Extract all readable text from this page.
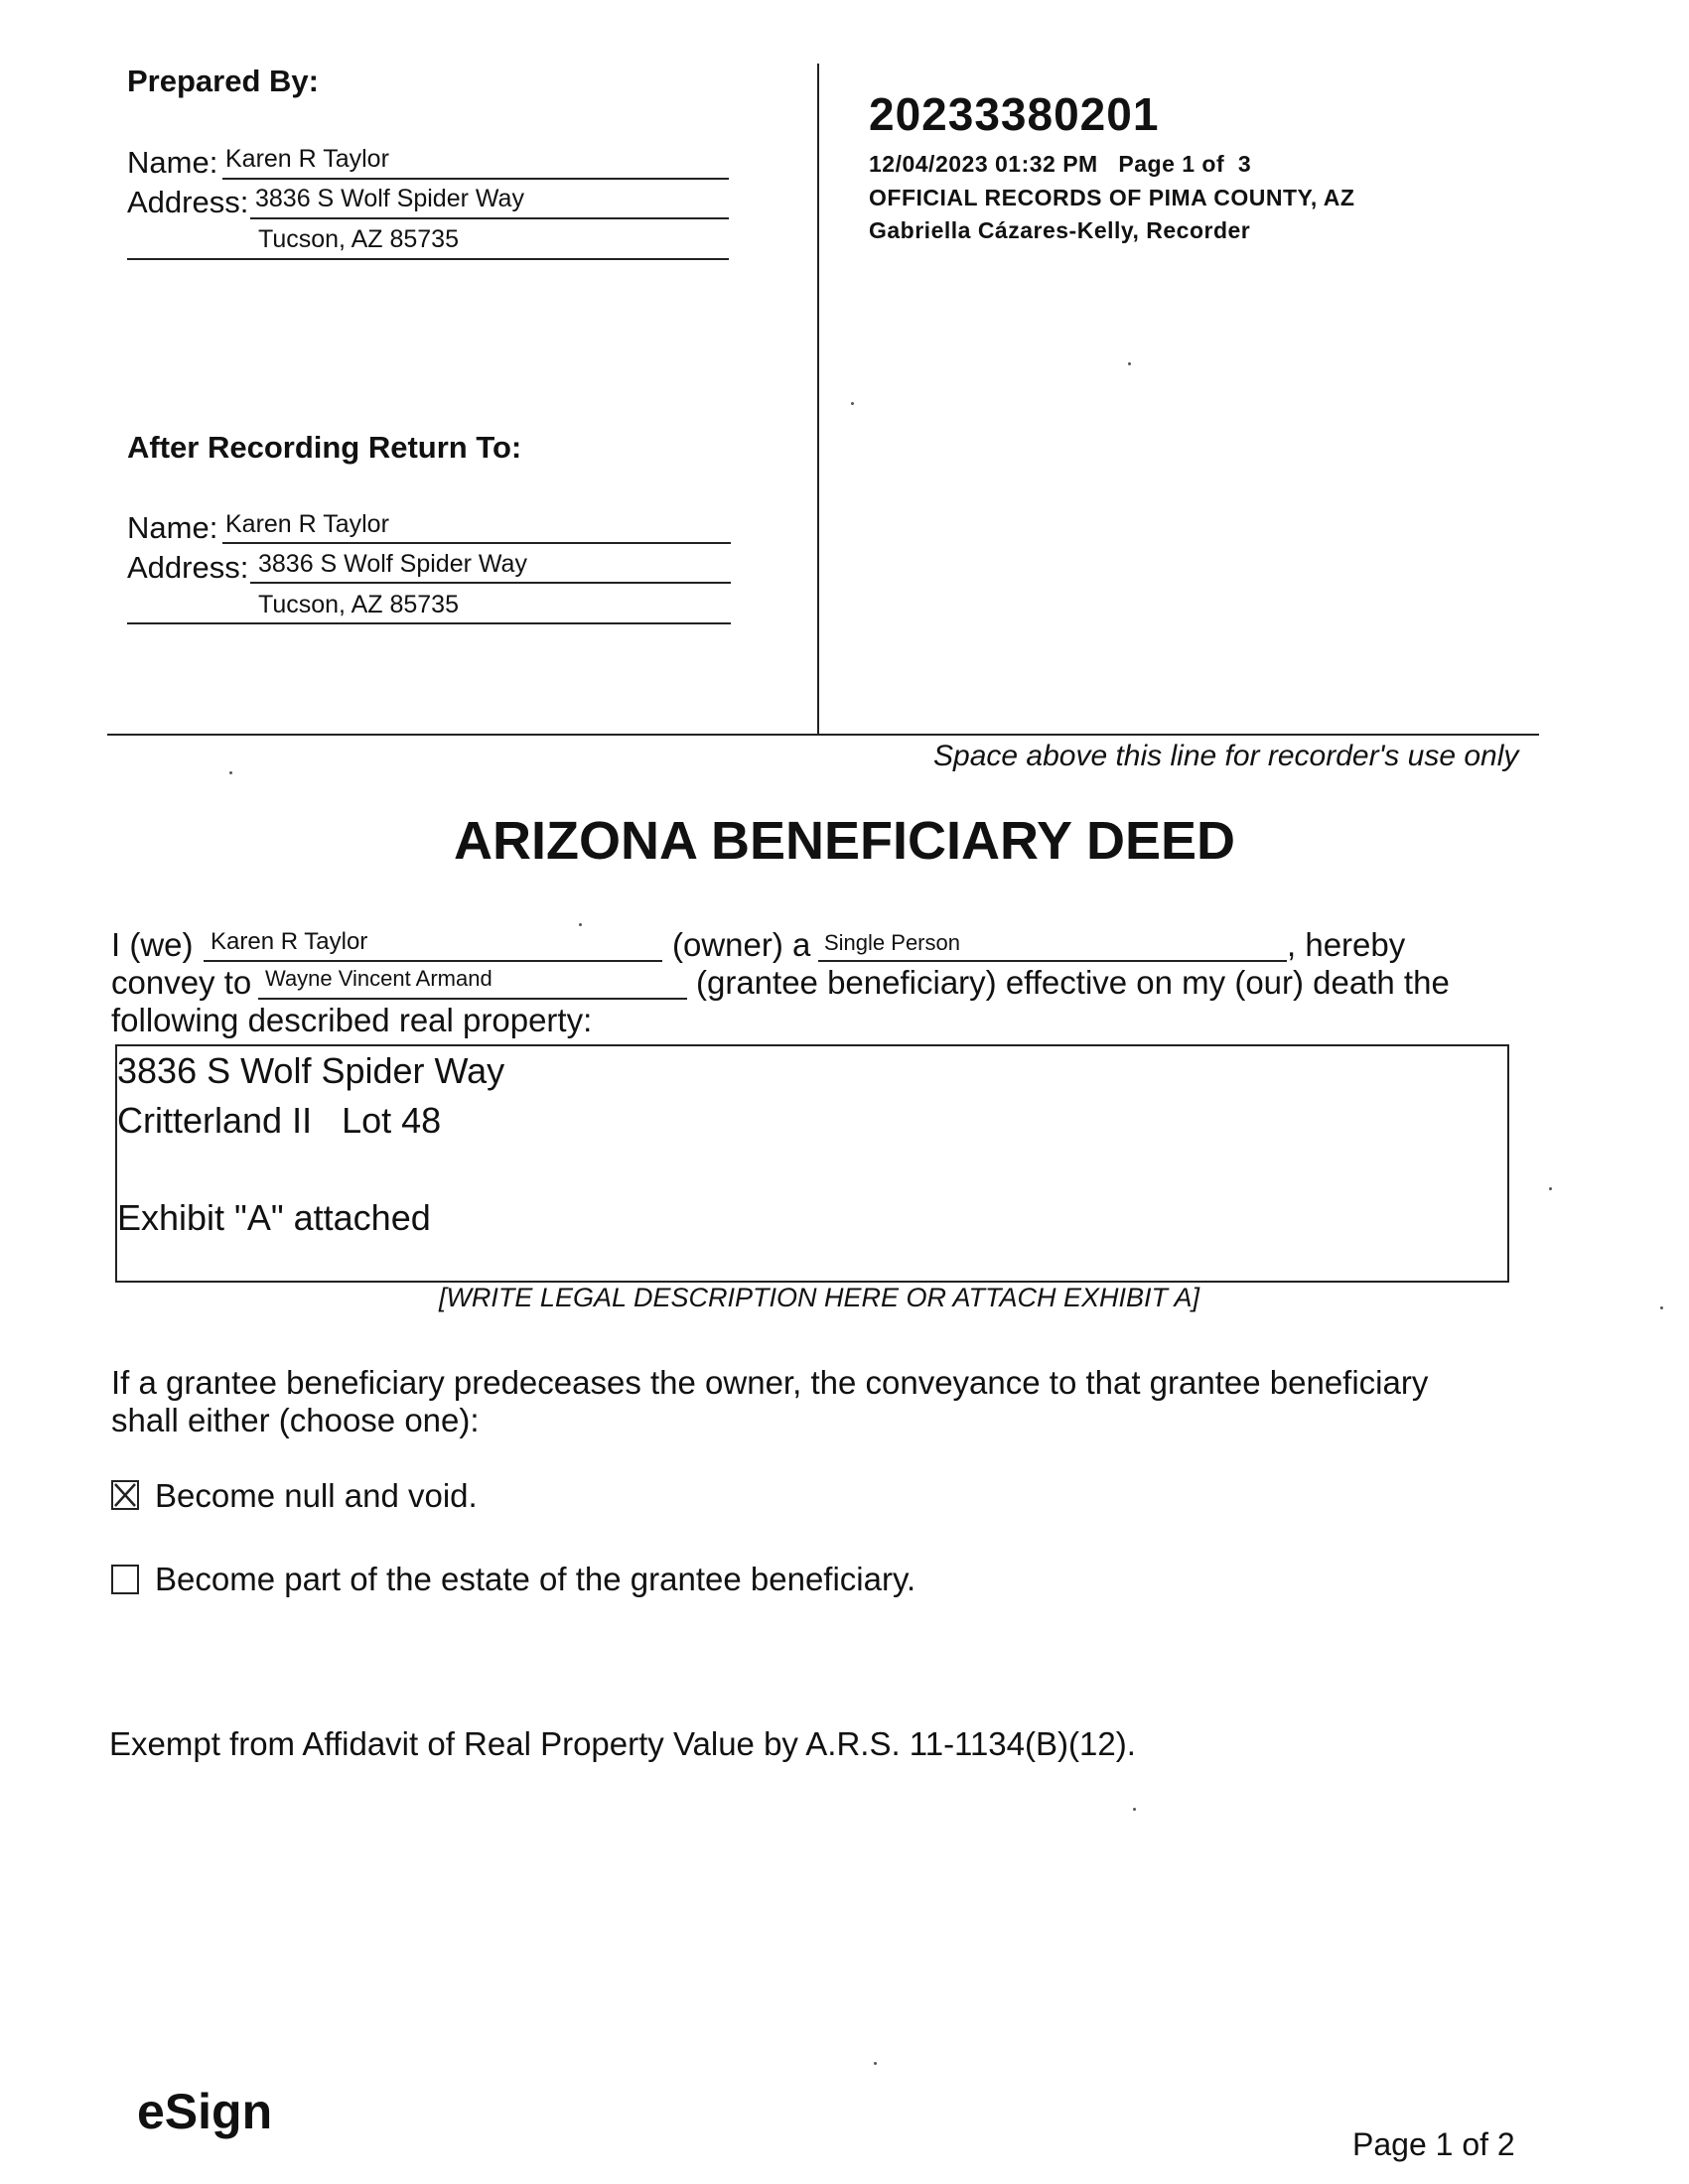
Prepared By:
Name: Karen R Taylor
Address: 3836 S Wolf Spider Way
Tucson, AZ 85735
After Recording Return To:
Name: Karen R Taylor
Address: 3836 S Wolf Spider Way
Tucson, AZ 85735
20233380201
12/04/2023 01:32 PM   Page 1 of  3
OFFICIAL RECORDS OF PIMA COUNTY, AZ
Gabriella Cázares-Kelly, Recorder
Space above this line for recorder's use only
ARIZONA BENEFICIARY DEED
I (we) Karen R Taylor	(owner) a Single Person	, hereby
convey to Wayne Vincent Armand	(grantee beneficiary) effective on my (our) death the
following described real property:
3836 S Wolf Spider Way
Critterland II   Lot 48
Exhibit "A" attached
[WRITE LEGAL DESCRIPTION HERE OR ATTACH EXHIBIT A]
If a grantee beneficiary predeceases the owner, the conveyance to that grantee beneficiary
shall either (choose one):
Become null and void.
Become part of the estate of the grantee beneficiary.
Exempt from Affidavit of Real Property Value by A.R.S. 11-1134(B)(12).
eSign
Page 1 of 2
